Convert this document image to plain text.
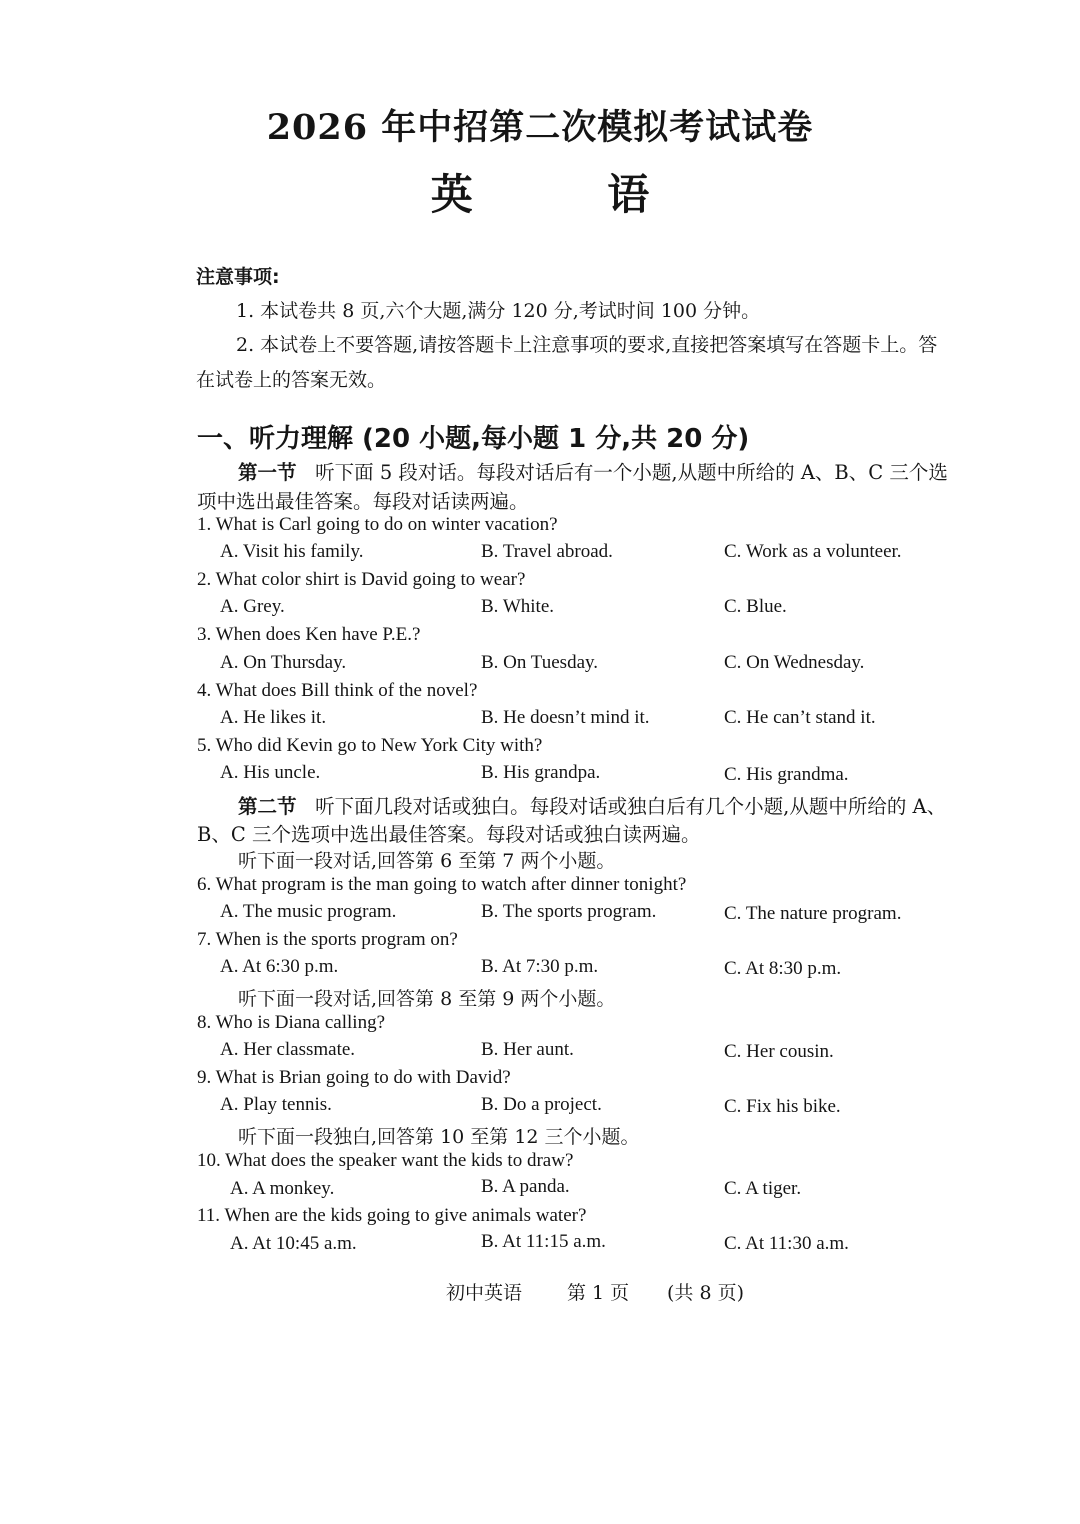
2026 年中招第二次模拟考试试卷
英 语
注意事项:
1. 本试卷共 8 页,六个大题,满分 120 分,考试时间 100 分钟。
2. 本试卷上不要答题,请按答题卡上注意事项的要求,直接把答案填写在答题卡上。答
在试卷上的答案无效。
一、听力理解 (20 小题,每小题 1 分,共 20 分)
第一节 听下面 5 段对话。每段对话后有一个小题,从题中所给的 A、B、C 三个选
项中选出最佳答案。每段对话读两遍。
1. What is Carl going to do on winter vacation?
A. Visit his family.	B. Travel abroad.	C. Work as a volunteer.
2. What color shirt is David going to wear?
A. Grey.	B. White.	C. Blue.
3. When does Ken have P.E.?
A. On Thursday.	B. On Tuesday.	C. On Wednesday.
4. What does Bill think of the novel?
A. He likes it.	B. He doesn’t mind it.	C. He can’t stand it.
5. Who did Kevin go to New York City with?
A. His uncle.	B. His grandpa.	C. His grandma.
第二节 听下面几段对话或独白。每段对话或独白后有几个小题,从题中所给的 A、
B、C 三个选项中选出最佳答案。每段对话或独白读两遍。
听下面一段对话,回答第 6 至第 7 两个小题。
6. What program is the man going to watch after dinner tonight?
A. The music program.	B. The sports program.	C. The nature program.
7. When is the sports program on?
A. At 6:30 p.m.	B. At 7:30 p.m.	C. At 8:30 p.m.
听下面一段对话,回答第 8 至第 9 两个小题。
8. Who is Diana calling?
A. Her classmate.	B. Her aunt.	C. Her cousin.
9. What is Brian going to do with David?
A. Play tennis.	B. Do a project.	C. Fix his bike.
听下面一段独白,回答第 10 至第 12 三个小题。
10. What does the speaker want the kids to draw?
A. A monkey.	B. A panda.	C. A tiger.
11. When are the kids going to give animals water?
A. At 10:45 a.m.	B. At 11:15 a.m.	C. At 11:30 a.m.
初中英语 第 1 页 (共 8 页)
